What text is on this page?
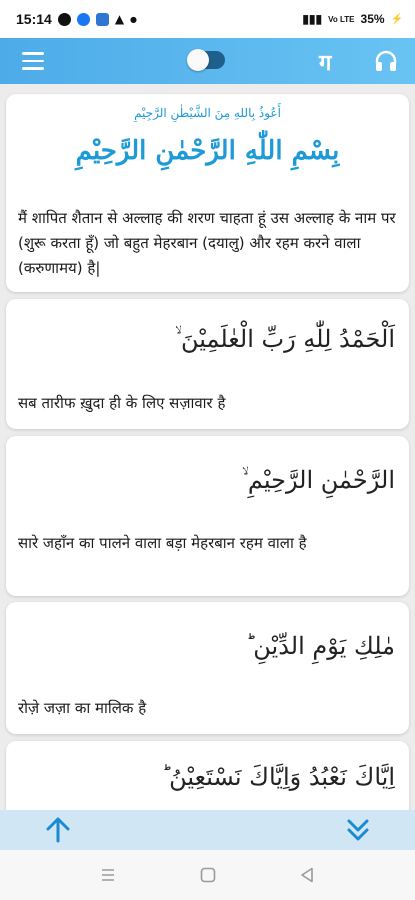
15:14	▲ ●	▮▮▮ Vo LTE 35% ⚡
ग
أَعُوذُ بِاللهِ مِنَ الشَّيْطٰنِ الرَّجِيْمِ
بِسْمِ اللّٰهِ الرَّحْمٰنِ الرَّحِيْمِ
मैं शापित शैतान से अल्लाह की शरण चाहता हूं उस अल्लाह के नाम पर (शुरू करता हूँ) जो बहुत मेहरबान (दयालु) और रहम करने वाला (करुणामय) है|
اَلْحَمْدُ لِلّٰهِ رَبِّ الْعٰلَمِيْنَ ۙ
सब तारीफ ख़ुदा ही के लिए सज़ावार है
الرَّحْمٰنِ الرَّحِيْمِ ۙ
सारे जहाँन का पालने वाला बड़ा मेहरबान रहम वाला है
مٰلِكِ يَوْمِ الدِّيْنِ ؕ
रोज़े जज़ा का मालिक है
اِيَّاكَ نَعْبُدُ وَاِيَّاكَ نَسْتَعِيْنُ ؕ
